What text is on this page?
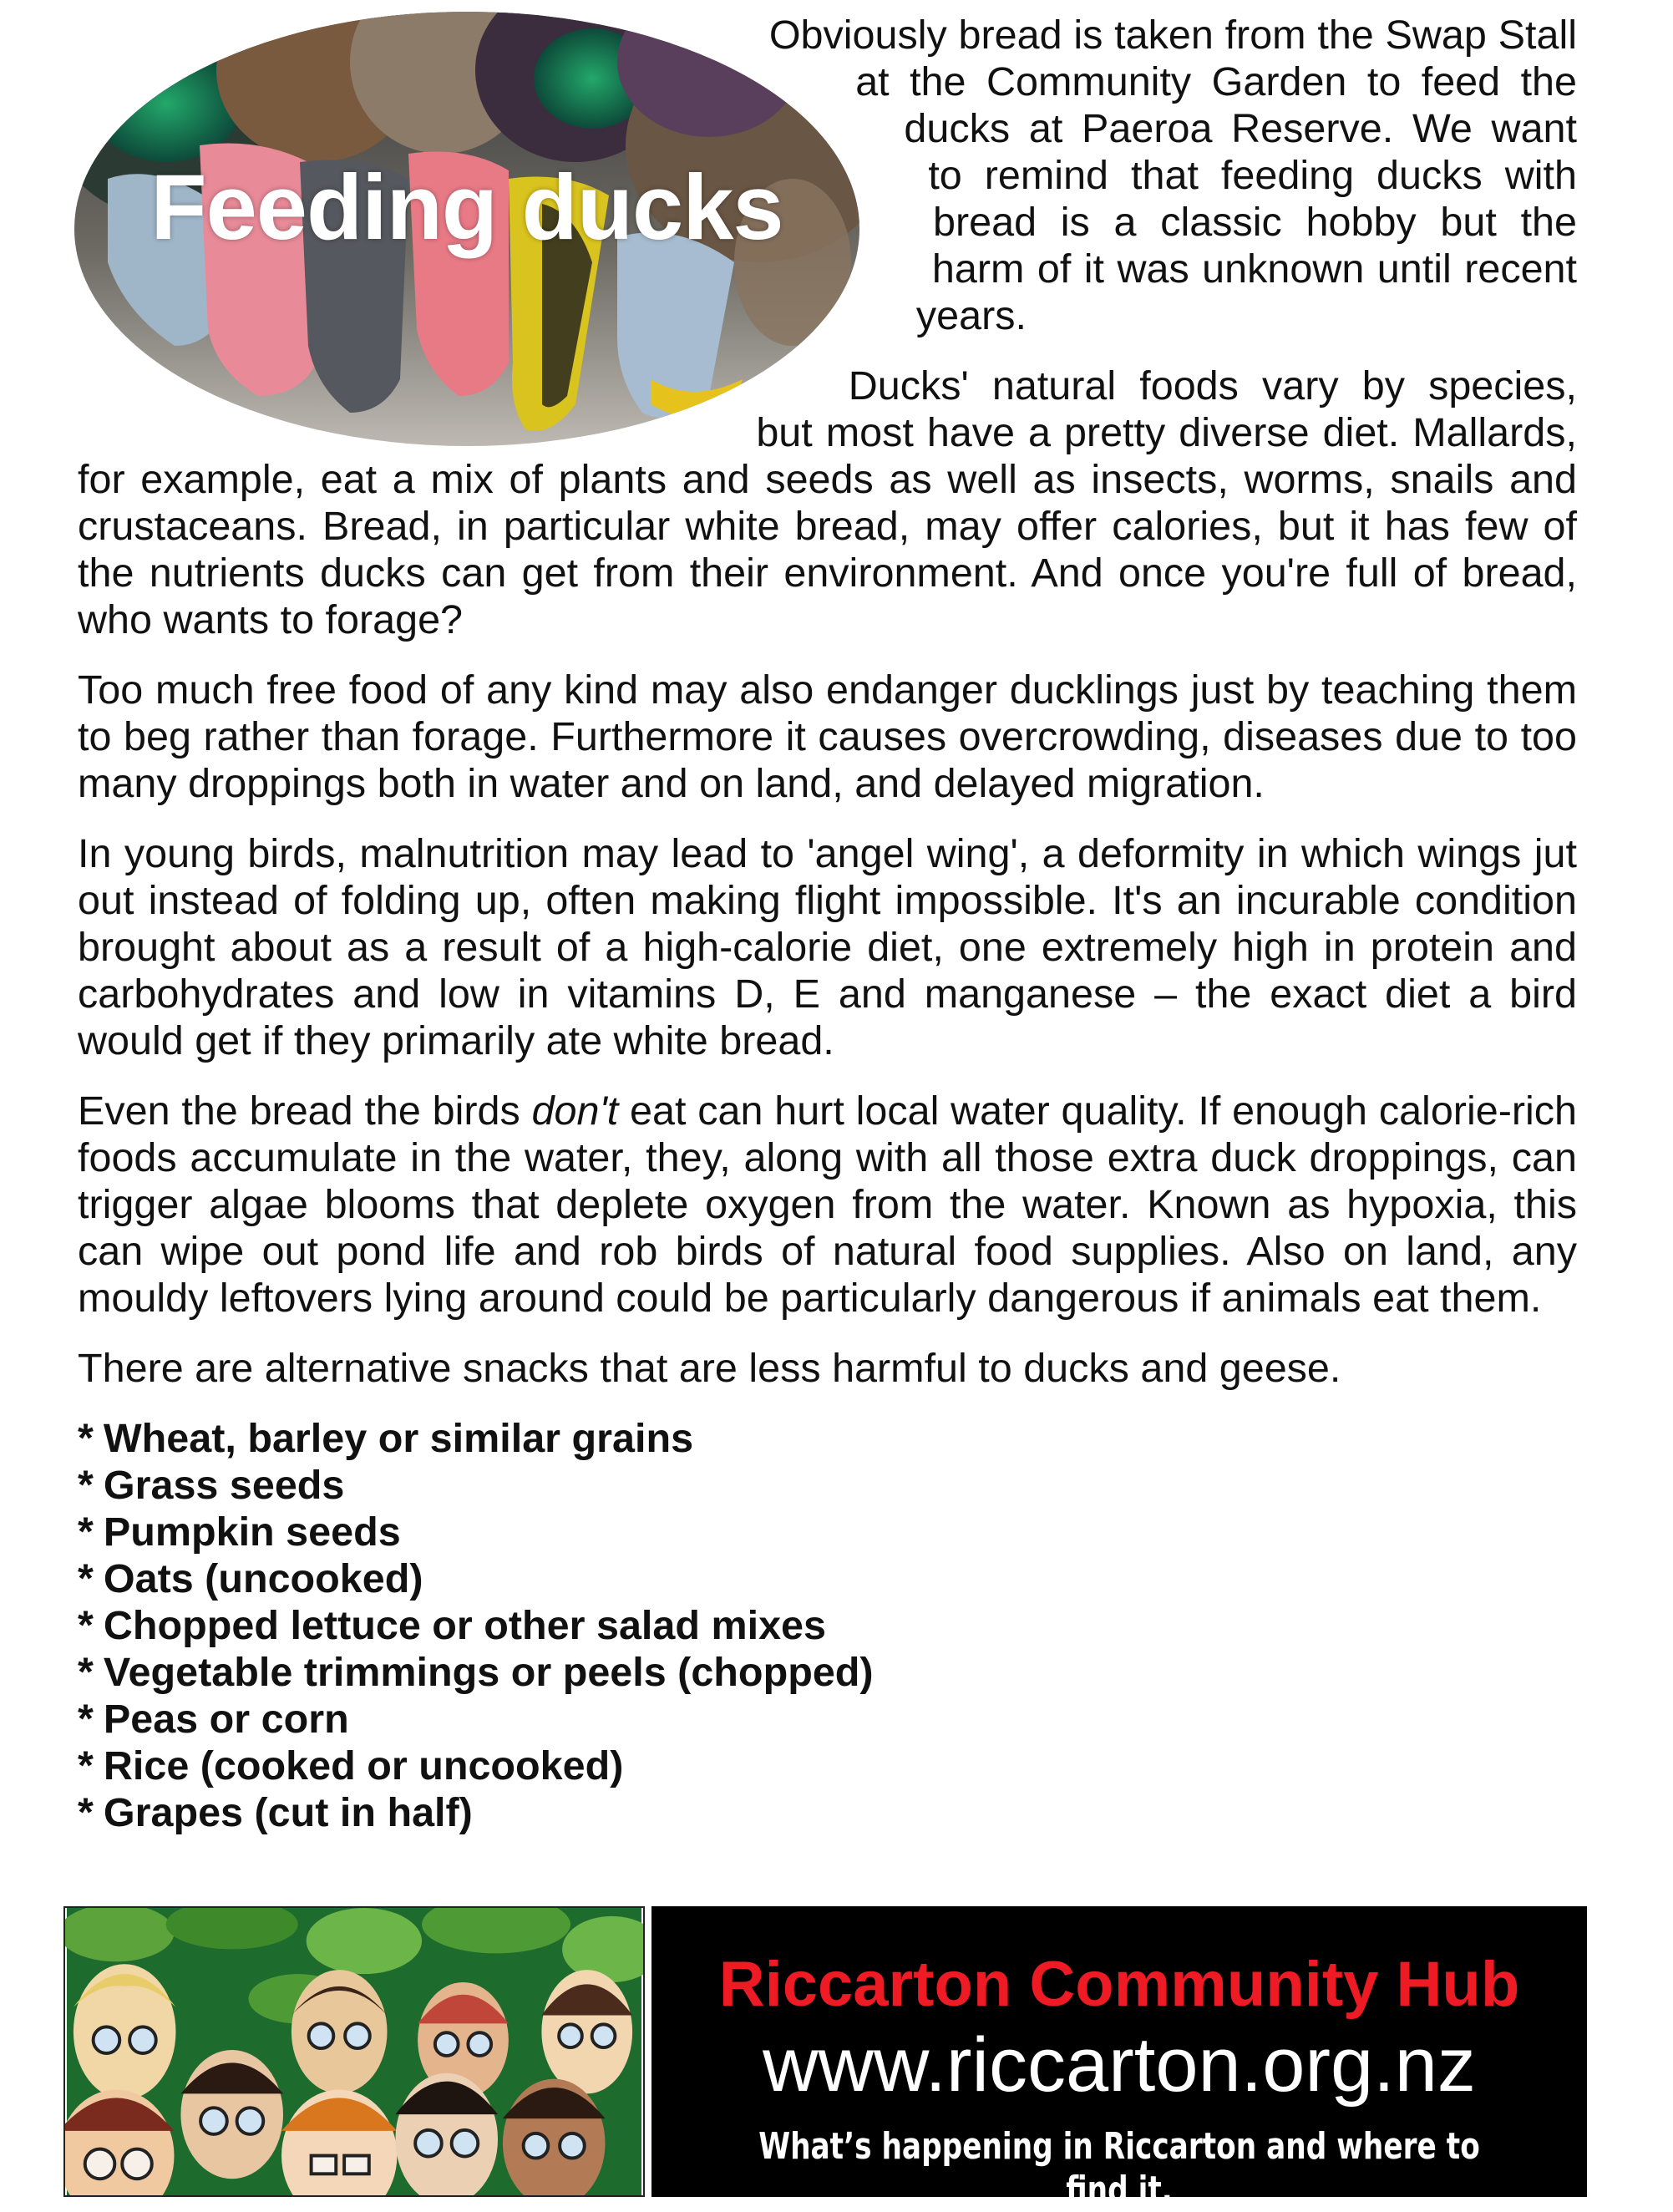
Feeding ducks

Obviously bread is taken from the Swap Stall at the Community Garden to feed the ducks at Paeroa Reserve. We want to remind that feeding ducks with bread is a classic hobby but the harm of it was unknown until recent years.

Ducks' natural foods vary by species, but most have a pretty diverse diet. Mallards, for example, eat a mix of plants and seeds as well as insects, worms, snails and crustaceans. Bread, in particular white bread, may offer calories, but it has few of the nutrients ducks can get from their environment. And once you're full of bread, who wants to forage?

Too much free food of any kind may also endanger ducklings just by teaching them to beg rather than forage. Furthermore it causes overcrowding, diseases due to too many droppings both in water and on land, and delayed migration.

In young birds, malnutrition may lead to 'angel wing', a deformity in which wings jut out instead of folding up, often making flight impossible. It's an incurable condition brought about as a result of a high-calorie diet, one extremely high in protein and carbohydrates and low in vitamins D, E and manganese – the exact diet a bird would get if they primarily ate white bread.

Even the bread the birds don't eat can hurt local water quality. If enough calorie-rich foods accumulate in the water, they, along with all those extra duck droppings, can trigger algae blooms that deplete oxygen from the water. Known as hypoxia, this can wipe out pond life and rob birds of natural food supplies. Also on land, any mouldy leftovers lying around could be particularly dangerous if animals eat them.

There are alternative snacks that are less harmful to ducks and geese.

* Wheat, barley or similar grains
* Grass seeds
* Pumpkin seeds
* Oats (uncooked)
* Chopped lettuce or other salad mixes
* Vegetable trimmings or peels (chopped)
* Peas or corn
* Rice (cooked or uncooked)
* Grapes (cut in half)
Riccarton Community Hub
www.riccarton.org.nz
What’s happening in Riccarton and where to find it.
